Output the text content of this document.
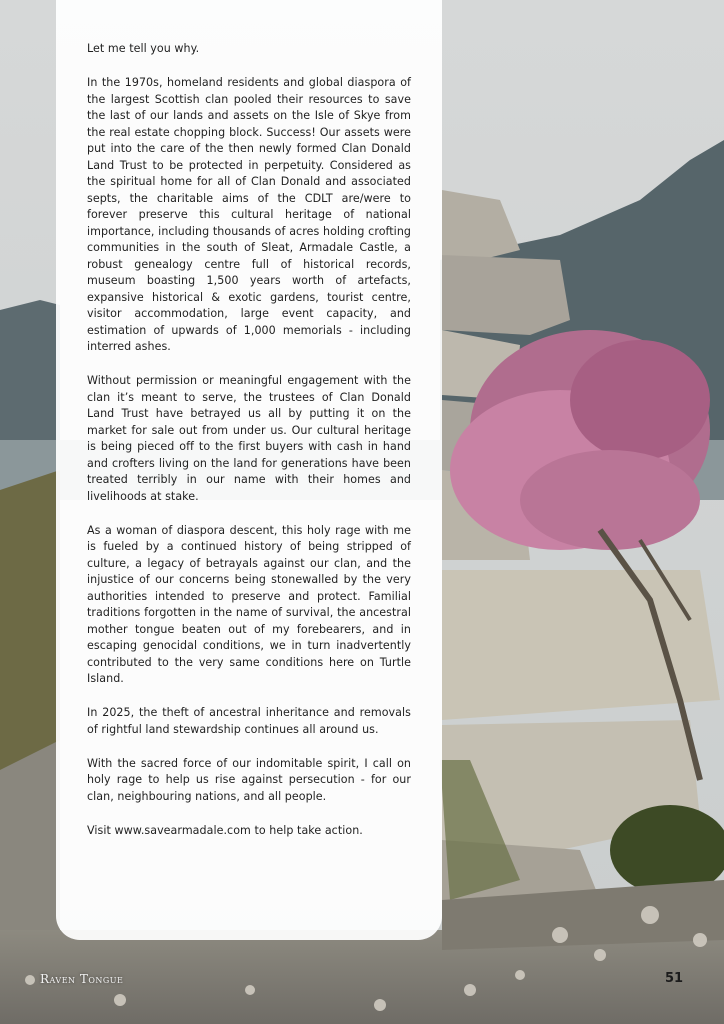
Let me tell you why.

In the 1970s, homeland residents and global diaspora of the largest Scottish clan pooled their resources to save the last of our lands and assets on the Isle of Skye from the real estate chopping block. Success! Our assets were put into the care of the then newly formed Clan Donald Land Trust to be protected in perpetuity. Considered as the spiritual home for all of Clan Donald and associated septs, the charitable aims of the CDLT are/were to forever preserve this cultural heritage of national importance, including thousands of acres holding crofting communities in the south of Sleat, Armadale Castle, a robust genealogy centre full of historical records, museum boasting 1,500 years worth of artefacts, expansive historical & exotic gardens, tourist centre, visitor accommodation, large event capacity, and estimation of upwards of 1,000 memorials - including interred ashes.

Without permission or meaningful engagement with the clan it’s meant to serve, the trustees of Clan Donald Land Trust have betrayed us all by putting it on the market for sale out from under us. Our cultural heritage is being pieced off to the first buyers with cash in hand and crofters living on the land for generations have been treated terribly in our name with their homes and livelihoods at stake.

As a woman of diaspora descent, this holy rage with me is fueled by a continued history of being stripped of culture, a legacy of betrayals against our clan, and the injustice of our concerns being stonewalled by the very authorities intended to preserve and protect. Familial traditions forgotten in the name of survival, the ancestral mother tongue beaten out of my forebearers, and in escaping genocidal conditions, we in turn inadvertently contributed to the very same conditions here on Turtle Island.

In 2025, the theft of ancestral inheritance and removals of rightful land stewardship continues all around us.

With the sacred force of our indomitable spirit, I call on holy rage to help us rise against persecution - for our clan, neighbouring nations, and all people.

Visit www.savearmadale.com to help take action.

Raven Tongue	51
